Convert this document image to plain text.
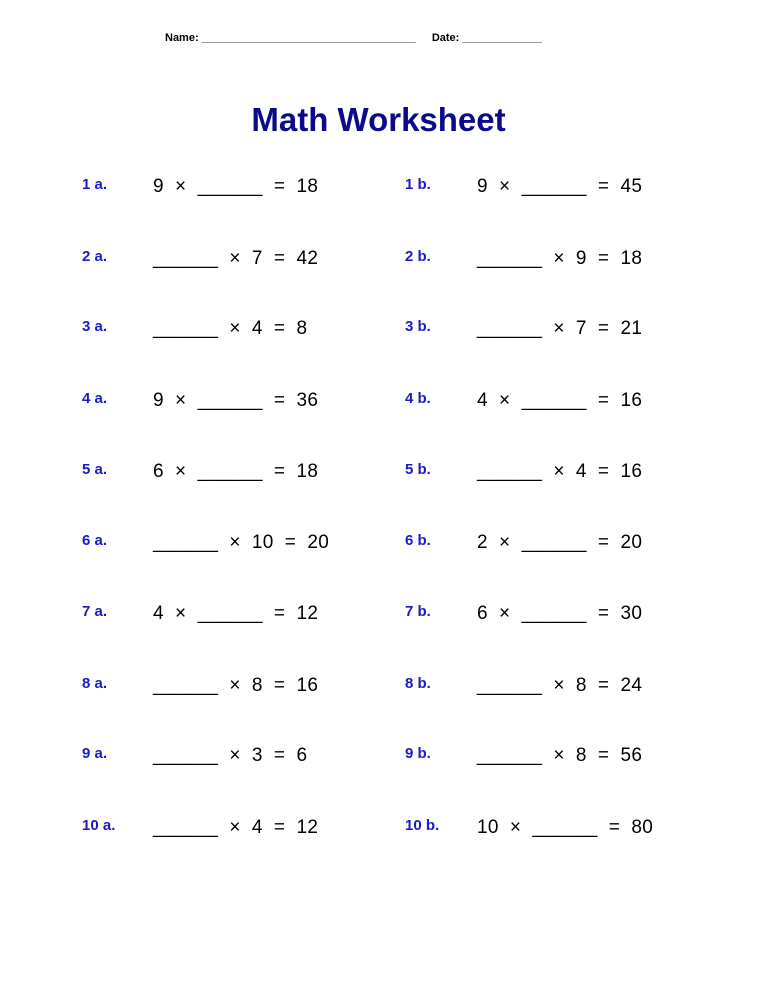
Name: ___________________________________ Date: _____________
Math Worksheet
1 a. 9  ×  ______  =  18	1 b. 9  ×  ______  =  45
2 a. ______  ×  7  =  42	2 b. ______  ×  9  =  18
3 a. ______  ×  4  =  8	3 b. ______  ×  7  =  21
4 a. 9  ×  ______  =  36	4 b. 4  ×  ______  =  16
5 a. 6  ×  ______  =  18	5 b. ______  ×  4  =  16
6 a. ______  ×  10  =  20	6 b. 2  ×  ______  =  20
7 a. 4  ×  ______  =  12	7 b. 6  ×  ______  =  30
8 a. ______  ×  8  =  16	8 b. ______  ×  8  =  24
9 a. ______  ×  3  =  6	9 b. ______  ×  8  =  56
10 a. ______  ×  4  =  12	10 b. 10  ×  ______  =  80
